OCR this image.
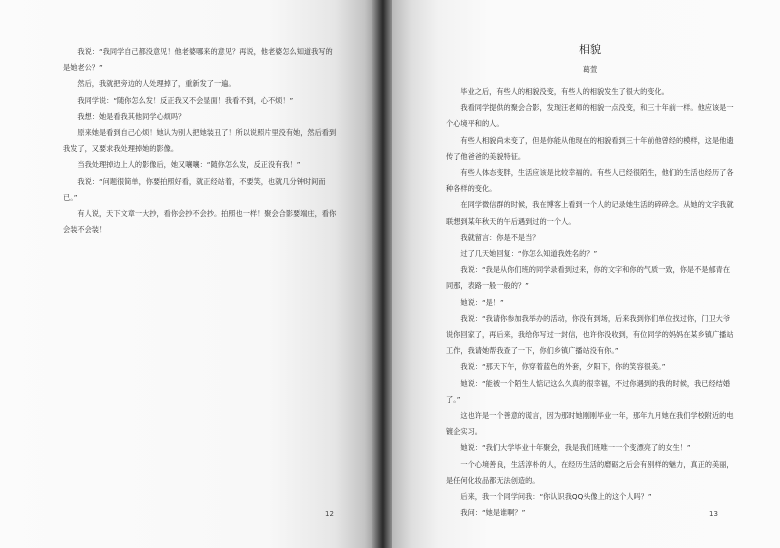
我说：“我同学自己都没意见！他老婆哪来的意见？再说，他老婆怎么知道我写的是她老公？”

然后，我就把旁边的人处理掉了，重新发了一遍。

我同学说：“随你怎么发！反正我又不会显面！我看不到，心不烦！”

我想：她是看我其他同学心烦吗？

原来她是看到自己心烦！她认为别人把她装丑了！所以说照片里没有她，然后看到我发了，又要求我处理掉她的影像。

当我处理掉边上人的影像后，她又嚷嚷：“随你怎么发，反正没有我！”

我说：“问题很简单，你要拍照好看，就正经站着，不要笑，也就几分钟时间而已。”

有人说，天下文章一大抄，看你会抄不会抄。拍照也一样！聚会合影要端庄，看你会装不会装！

12
相貌
葛萱

毕业之后，有些人的相貌没变，有些人的相貌发生了很大的变化。

我看同学提供的聚会合影，发现汪老师的相貌一点没变，和三十年前一样。他应该是一个心境平和的人。

有些人相貌尚未变了，但是你能从他现在的相貌看到三十年前他曾经的模样，这是他遗传了他爸爸的美貌特征。

有些人体态变胖，生活应该是比较幸福的。有些人已经很陌生，他们的生活也经历了各种各样的变化。

在同学微信群的时候，我在博客上看到一个人的记录她生活的碎碎念。从她的文字我就联想到某年秋天的午后遇到过的一个人。

我就留言：你是不是当？

过了几天她回复：“你怎么知道我姓名的？”

我说：“我是从你们班的同学录看到过来，你的文字和你的气质一致，你是不是郁青在同那，表路一般一般的？”

她说：“是！”

我说：“我请你参加我举办的活动，你没有到场，后来我到你们单位找过你，门卫大爷说你回家了，再后来，我给你写过一封信，也许你没收到，有位同学的妈妈在某乡镇广播站工作，我请她帮我查了一下，你们乡镇广播站没有你。”

我说：“那天下午，你穿着蓝色的外套，夕阳下，你的笑容很美。”

她说：“能被一个陌生人惦记这么久真的很幸福，不过你遇到的我的时候，我已经结婚了。”

这也许是一个善意的谎言，因为那时她刚刚毕业一年，那年九月她在我们学校附近的电镀企实习。

她说：“我们大学毕业十年聚会，我是我们班唯一一个变漂亮了的女生！”

一个心境善良，生活淳朴的人，在经历生活的磨砺之后会有别样的魅力，真正的美丽，是任何化妆品都无法创造的。

后来，我一个同学问我：“你认识我QQ头像上的这个人吗？”

我问：“她是谁啊？”	13
